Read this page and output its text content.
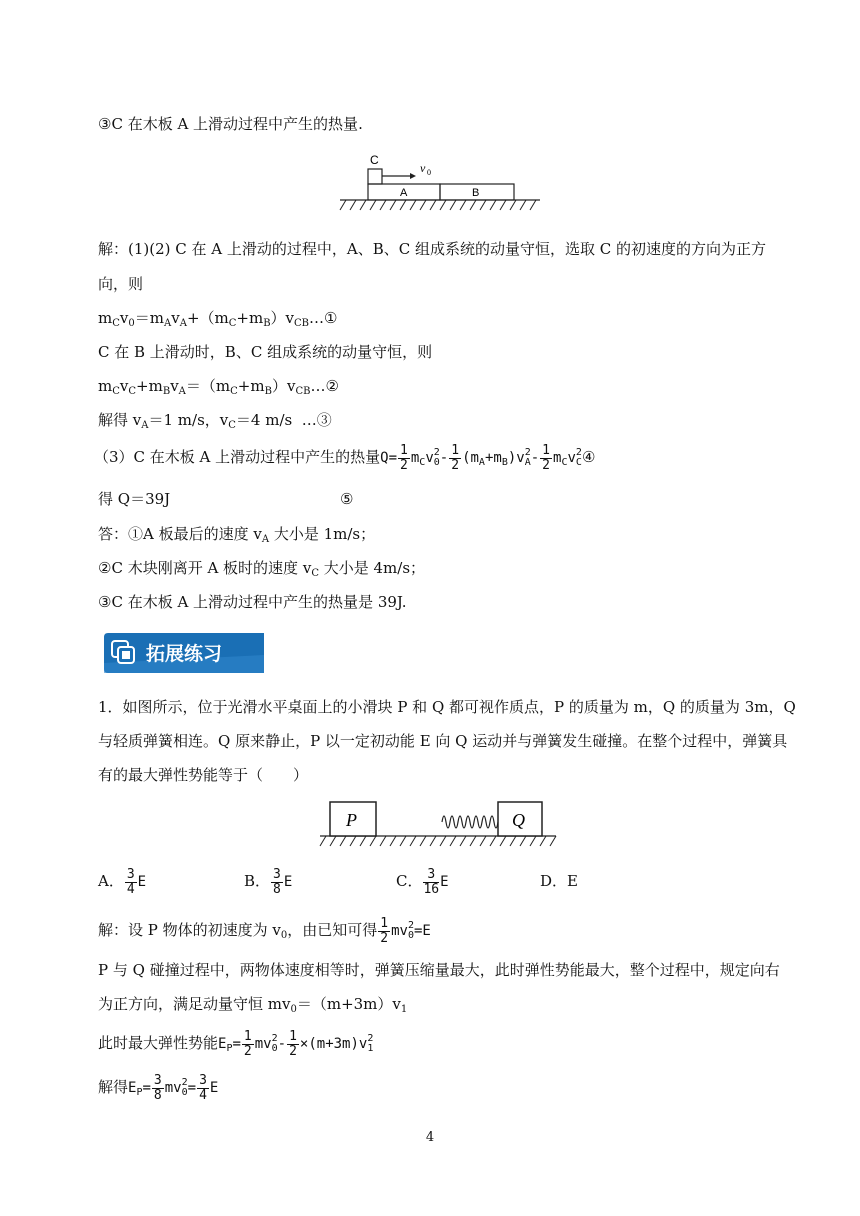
③C 在木板 A 上滑动过程中产生的热量.
C
v 0
A	B
解：(1)(2) C 在 A 上滑动的过程中，A、B、C 组成系统的动量守恒，选取 C 的初速度的方向为正方
向，则
$m_Cv_0=m_Av_A+(m_C+m_B)v_{CB}\dots ①$
C 在 B 上滑动时，B、C 组成系统的动量守恒，则
$m_Cv_C+m_Bv_A=(m_C+m_B)v_{CB}\dots ②$
解得 $v_A=1$ m/s，$v_C=4$ m/s  …③
（3）C 在木板 A 上滑动过程中产生的热量$Q= \frac{1}{2} m_Cv$ 2
$0 - \frac{1}{2} (m_A+m_B)v$ 2
A - $\frac{1}{2} m_Cv$ 2
C ④
得 Q＝39J	⑤
答：①A 板最后的速度 $v_A$ 大小是 1m/s；
②C 木块刚离开 A 板时的速度 $v_C$ 大小是 4m/s；
③C 在木板 A 上滑动过程中产生的热量是 39J.
拓展练习
1．如图所示，位于光滑水平桌面上的小滑块 P 和 Q 都可视作质点，P 的质量为 m，Q 的质量为 3m，Q
与轻质弹簧相连。Q 原来静止，P 以一定初动能 E 向 Q 运动并与弹簧发生碰撞。在整个过程中，弹簧具
有的最大弹性势能等于（　　）
P	Q
A． $\frac{3}{4}$ E	B． $\frac{3}{8}$ E	C． $\frac{3}{16}$ E	D．E
解：设 P 物体的初速度为 $v_0$，由已知可得 $\frac{1}{2}$ mv 2
0 =E
P 与 Q 碰撞过程中，两物体速度相等时，弹簧压缩量最大，此时弹性势能最大，整个过程中，规定向右
为正方向，满足动量守恒 $mv_0=(m+3m)v_1$
此时最大弹性势能$E_P= \frac{1}{2}$ mv 2
$0 - \frac{1}{2} \times(m+3m)v$ 2
1
解得$E_P= \frac{3}{8}$ mv 2
$0 = \frac{3}{4}$ E
4
